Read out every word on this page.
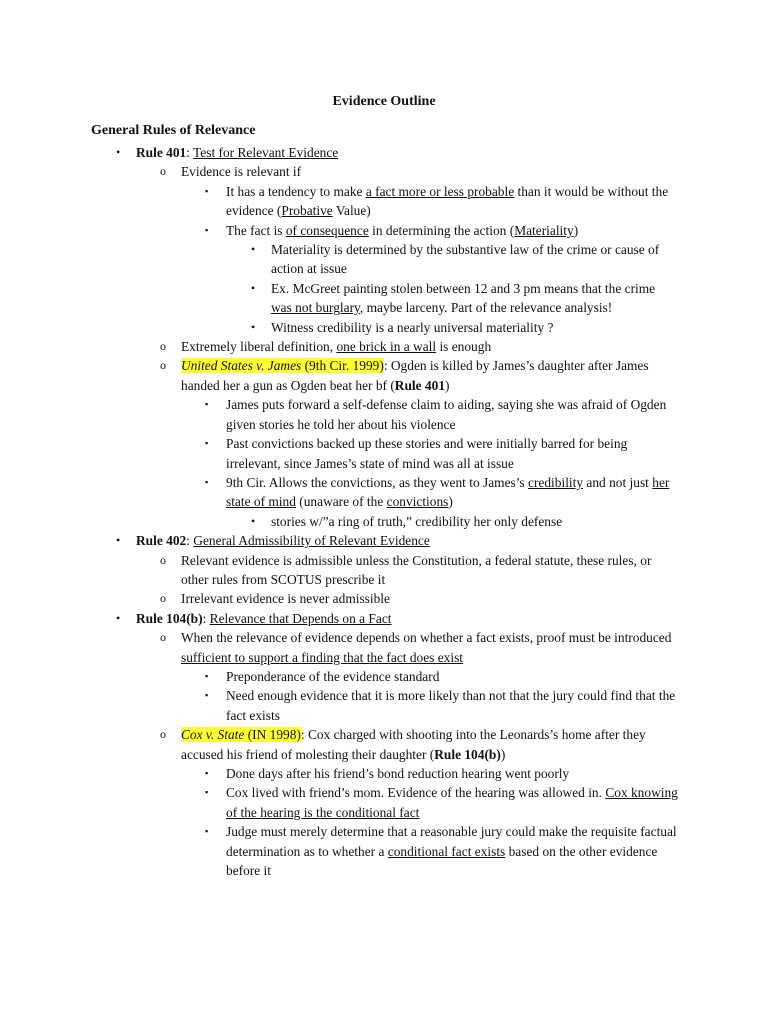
Evidence Outline
General Rules of Relevance
• Rule 401: Test for Relevant Evidence
o Evidence is relevant if
▪ It has a tendency to make a fact more or less probable than it would be without the evidence (Probative Value)
▪ The fact is of consequence in determining the action (Materiality)
• Materiality is determined by the substantive law of the crime or cause of action at issue
• Ex. McGreet painting stolen between 12 and 3 pm means that the crime was not burglary, maybe larceny. Part of the relevance analysis!
• Witness credibility is a nearly universal materiality ?
o Extremely liberal definition, one brick in a wall is enough
o United States v. James (9th Cir. 1999): Ogden is killed by James’s daughter after James handed her a gun as Ogden beat her bf (Rule 401)
▪ James puts forward a self-defense claim to aiding, saying she was afraid of Ogden given stories he told her about his violence
▪ Past convictions backed up these stories and were initially barred for being irrelevant, since James’s state of mind was all at issue
▪ 9th Cir. Allows the convictions, as they went to James’s credibility and not just her state of mind (unaware of the convictions)
• stories w/”a ring of truth,” credibility her only defense
• Rule 402: General Admissibility of Relevant Evidence
o Relevant evidence is admissible unless the Constitution, a federal statute, these rules, or other rules from SCOTUS prescribe it
o Irrelevant evidence is never admissible
• Rule 104(b): Relevance that Depends on a Fact
o When the relevance of evidence depends on whether a fact exists, proof must be introduced sufficient to support a finding that the fact does exist
▪ Preponderance of the evidence standard
▪ Need enough evidence that it is more likely than not that the jury could find that the fact exists
o Cox v. State (IN 1998): Cox charged with shooting into the Leonards’s home after they accused his friend of molesting their daughter (Rule 104(b))
▪ Done days after his friend’s bond reduction hearing went poorly
▪ Cox lived with friend’s mom. Evidence of the hearing was allowed in. Cox knowing of the hearing is the conditional fact
▪ Judge must merely determine that a reasonable jury could make the requisite factual determination as to whether a conditional fact exists based on the other evidence before it
